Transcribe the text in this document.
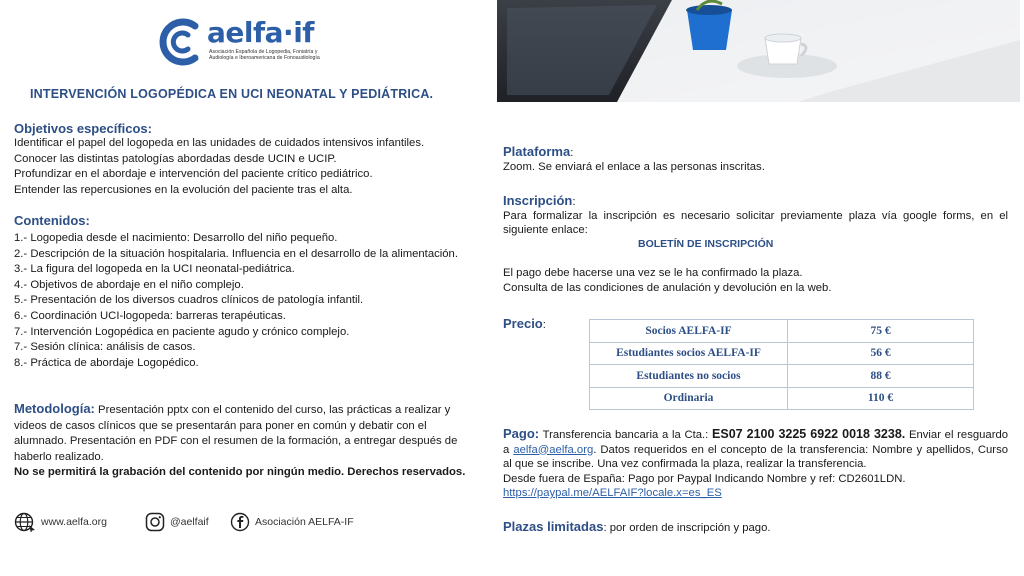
aelfa·if
Asociación Española de Logopedia, Foniatría y Audiología e Iberoamericana de Fonoaudiología
INTERVENCIÓN LOGOPÉDICA EN UCI NEONATAL Y PEDIÁTRICA.
Objetivos específicos:
Identificar el papel del logopeda en las unidades de cuidados intensivos infantiles.
Conocer las distintas patologías abordadas desde UCIN e UCIP.
Profundizar en el abordaje e intervención del paciente crítico pediátrico.
Entender las repercusiones en la evolución del paciente tras el alta.
Contenidos:
1.- Logopedia desde el nacimiento: Desarrollo del niño pequeño.
2.- Descripción de la situación hospitalaria. Influencia en el desarrollo de la alimentación.
3.- La figura del logopeda en la UCI neonatal-pediátrica.
4.- Objetivos de abordaje en el niño complejo.
5.- Presentación de los diversos cuadros clínicos de patología infantil.
6.- Coordinación UCI-logopeda: barreras terapéuticas.
7.- Intervención Logopédica en paciente agudo y crónico complejo.
7.- Sesión clínica: análisis de casos.
8.- Práctica de abordaje Logopédico.
Metodología: Presentación pptx con el contenido del curso, las prácticas a realizar y videos de casos clínicos que se presentarán para poner en común y debatir con el alumnado. Presentación en PDF con el resumen de la formación, a entregar después de haberlo realizado.
No se permitirá la grabación del contenido por ningún medio. Derechos reservados.
www.aelfa.org	@aelfaif	Asociación AELFA-IF
Plataforma:
Zoom. Se enviará el enlace a las personas inscritas.
Inscripción:
Para formalizar la inscripción es necesario solicitar previamente plaza vía google forms, en el siguiente enlace:
BOLETÍN DE INSCRIPCIÓN
El pago debe hacerse una vez se le ha confirmado la plaza.
Consulta de las condiciones de anulación y devolución en la web.
Precio:	Socios AELFA-IF	75 €
Estudiantes socios AELFA-IF	56 €
Estudiantes no socios	88 €
Ordinaria	110 €
Pago: Transferencia bancaria a la Cta.: ES07 2100 3225 6922 0018 3238. Enviar el resguardo a aelfa@aelfa.org. Datos requeridos en el concepto de la transferencia: Nombre y apellidos, Curso al que se inscribe. Una vez confirmada la plaza, realizar la transferencia.
Desde fuera de España: Pago por Paypal Indicando Nombre y ref: CD2601LDN.
https://paypal.me/AELFAIF?locale.x=es_ES
Plazas limitadas: por orden de inscripción y pago.
